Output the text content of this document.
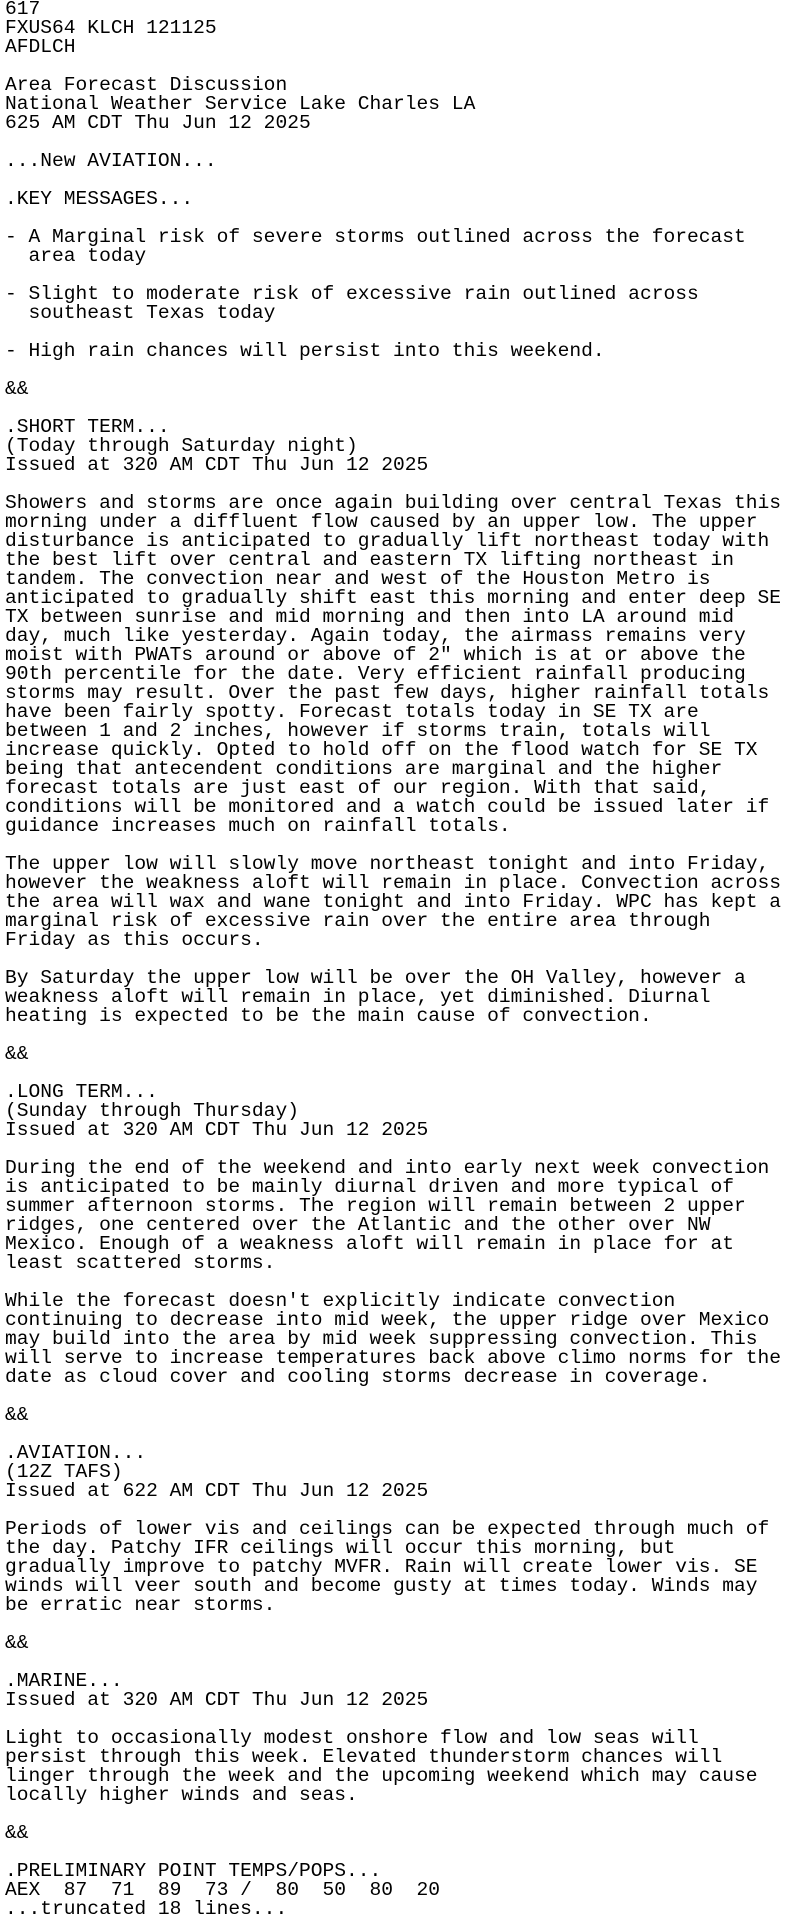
617
FXUS64 KLCH 121125
AFDLCH

Area Forecast Discussion
National Weather Service Lake Charles LA
625 AM CDT Thu Jun 12 2025

...New AVIATION...

.KEY MESSAGES...

- A Marginal risk of severe storms outlined across the forecast
area today

- Slight to moderate risk of excessive rain outlined across
southeast Texas today

- High rain chances will persist into this weekend.

&&

.SHORT TERM...
(Today through Saturday night)
Issued at 320 AM CDT Thu Jun 12 2025

Showers and storms are once again building over central Texas this
morning under a diffluent flow caused by an upper low. The upper
disturbance is anticipated to gradually lift northeast today with
the best lift over central and eastern TX lifting northeast in
tandem. The convection near and west of the Houston Metro is
anticipated to gradually shift east this morning and enter deep SE
TX between sunrise and mid morning and then into LA around mid
day, much like yesterday. Again today, the airmass remains very
moist with PWATs around or above of 2" which is at or above the
90th percentile for the date. Very efficient rainfall producing
storms may result. Over the past few days, higher rainfall totals
have been fairly spotty. Forecast totals today in SE TX are
between 1 and 2 inches, however if storms train, totals will
increase quickly. Opted to hold off on the flood watch for SE TX
being that antecendent conditions are marginal and the higher
forecast totals are just east of our region. With that said,
conditions will be monitored and a watch could be issued later if
guidance increases much on rainfall totals.

The upper low will slowly move northeast tonight and into Friday,
however the weakness aloft will remain in place. Convection across
the area will wax and wane tonight and into Friday. WPC has kept a
marginal risk of excessive rain over the entire area through
Friday as this occurs.

By Saturday the upper low will be over the OH Valley, however a
weakness aloft will remain in place, yet diminished. Diurnal
heating is expected to be the main cause of convection.

&&

.LONG TERM...
(Sunday through Thursday)
Issued at 320 AM CDT Thu Jun 12 2025

During the end of the weekend and into early next week convection
is anticipated to be mainly diurnal driven and more typical of
summer afternoon storms. The region will remain between 2 upper
ridges, one centered over the Atlantic and the other over NW
Mexico. Enough of a weakness aloft will remain in place for at
least scattered storms.

While the forecast doesn't explicitly indicate convection
continuing to decrease into mid week, the upper ridge over Mexico
may build into the area by mid week suppressing convection. This
will serve to increase temperatures back above climo norms for the
date as cloud cover and cooling storms decrease in coverage.

&&

.AVIATION...
(12Z TAFS)
Issued at 622 AM CDT Thu Jun 12 2025

Periods of lower vis and ceilings can be expected through much of
the day. Patchy IFR ceilings will occur this morning, but
gradually improve to patchy MVFR. Rain will create lower vis. SE
winds will veer south and become gusty at times today. Winds may
be erratic near storms.

&&

.MARINE...
Issued at 320 AM CDT Thu Jun 12 2025

Light to occasionally modest onshore flow and low seas will
persist through this week. Elevated thunderstorm chances will
linger through the week and the upcoming weekend which may cause
locally higher winds and seas.

&&

.PRELIMINARY POINT TEMPS/POPS...
AEX  87  71  89  73 /  80  50  80  20
...truncated 18 lines...
